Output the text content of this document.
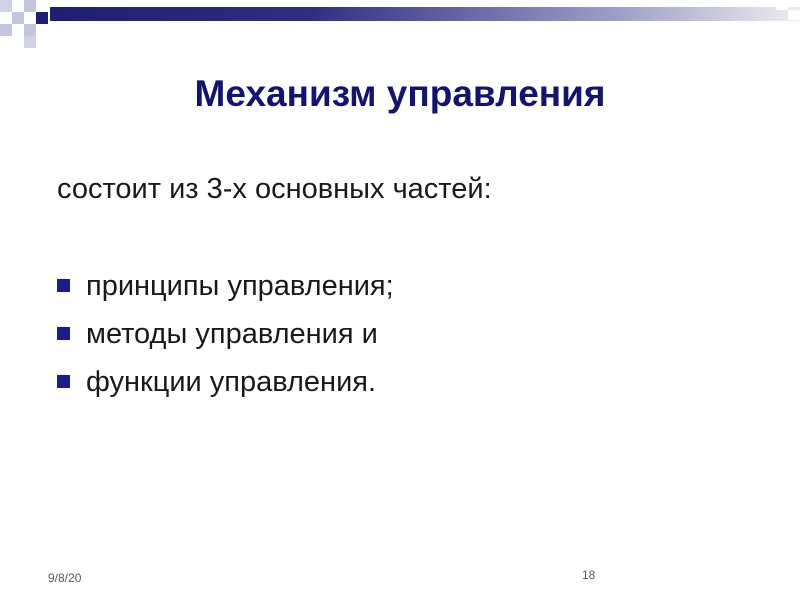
Механизм управления

состоит из 3-х основных частей:

принципы управления;
методы управления и
функции управления.
9/8/20	18
